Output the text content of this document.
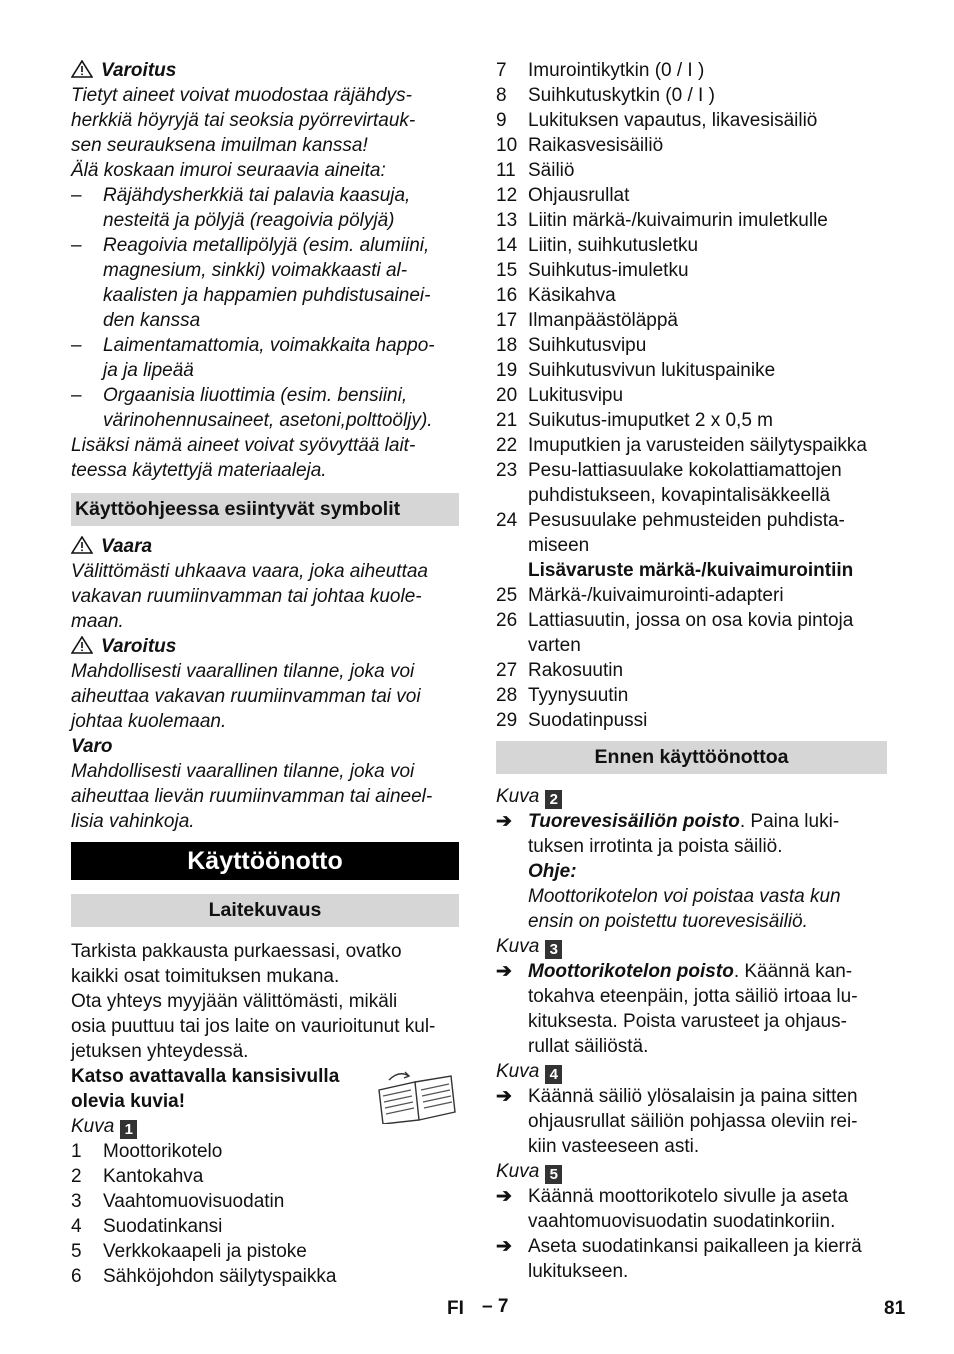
Varoitus
Tietyt aineet voivat muodostaa räjähdys-
herkkiä höyryjä tai seoksia pyörrevirtauk-
sen seurauksena imuilman kanssa!
Älä koskaan imuroi seuraavia aineita:
–	Räjähdysherkkiä tai palavia kaasuja,
nesteitä ja pölyjä (reagoivia pölyjä)
–	Reagoivia metallipölyjä (esim. alumiini,
magnesium, sinkki) voimakkaasti al-
kaalisten ja happamien puhdistusainei-
den kanssa
–	Laimentamattomia, voimakkaita happo-
ja ja lipeää
–	Orgaanisia liuottimia (esim. bensiini,
värinohennusaineet, asetoni,polttoöljy).
Lisäksi nämä aineet voivat syövyttää lait-
teessa käytettyjä materiaaleja.
Käyttöohjeessa esiintyvät symbolit
Vaara
Välittömästi uhkaava vaara, joka aiheuttaa
vakavan ruumiinvamman tai johtaa kuole-
maan.
Varoitus
Mahdollisesti vaarallinen tilanne, joka voi
aiheuttaa vakavan ruumiinvamman tai voi
johtaa kuolemaan.
Varo
Mahdollisesti vaarallinen tilanne, joka voi
aiheuttaa lievän ruumiinvamman tai aineel-
lisia vahinkoja.
Käyttöönotto
Laitekuvaus
Tarkista pakkausta purkaessasi, ovatko
kaikki osat toimituksen mukana.
Ota yhteys myyjään välittömästi, mikäli
osia puuttuu tai jos laite on vaurioitunut kul-
jetuksen yhteydessä.
Katso avattavalla kansisivulla
olevia kuvia!
Kuva 1
1	Moottorikotelo
2	Kantokahva
3	Vaahtomuovisuodatin
4	Suodatinkansi
5	Verkkokaapeli ja pistoke
6	Sähköjohdon säilytyspaikka
7	Imurointikytkin (0 / I )
8	Suihkutuskytkin (0 / I )
9	Lukituksen vapautus, likavesisäiliö
10 Raikasvesisäiliö
11 Säiliö
12 Ohjausrullat
13 Liitin märkä-/kuivaimurin imuletkulle
14 Liitin, suihkutusletku
15 Suihkutus-imuletku
16 Käsikahva
17 Ilmanpäästöläppä
18 Suihkutusvipu
19 Suihkutusvivun lukituspainike
20 Lukitusvipu
21 Suikutus-imuputket 2 x 0,5 m
22 Imuputkien ja varusteiden säilytyspaikka
23 Pesu-lattiasuulake kokolattiamattojen
puhdistukseen, kovapintalisäkkeellä
24 Pesusuulake pehmusteiden puhdista-
miseen
Lisävaruste märkä-/kuivaimurointiin
25 Märkä-/kuivaimurointi-adapteri
26 Lattiasuutin, jossa on osa kovia pintoja
varten
27 Rakosuutin
28 Tyynysuutin
29 Suodatinpussi
Ennen käyttöönottoa
Kuva 2
➔ Tuorevesisäiliön poisto. Paina luki-
tuksen irrotinta ja poista säiliö.
Ohje:
Moottorikotelon voi poistaa vasta kun
ensin on poistettu tuorevesisäiliö.
Kuva 3
➔ Moottorikotelon poisto. Käännä kan-
tokahva eteenpäin, jotta säiliö irtoaa lu-
kituksesta. Poista varusteet ja ohjaus-
rullat säiliöstä.
Kuva 4
➔ Käännä säiliö ylösalaisin ja paina sitten
ohjausrullat säiliön pohjassa oleviin rei-
kiin vasteeseen asti.
Kuva 5
➔ Käännä moottorikotelo sivulle ja aseta
vaahtomuovisuodatin suodatinkoriin.
➔ Aseta suodatinkansi paikalleen ja kierrä
lukitukseen.
FI – 7	81
